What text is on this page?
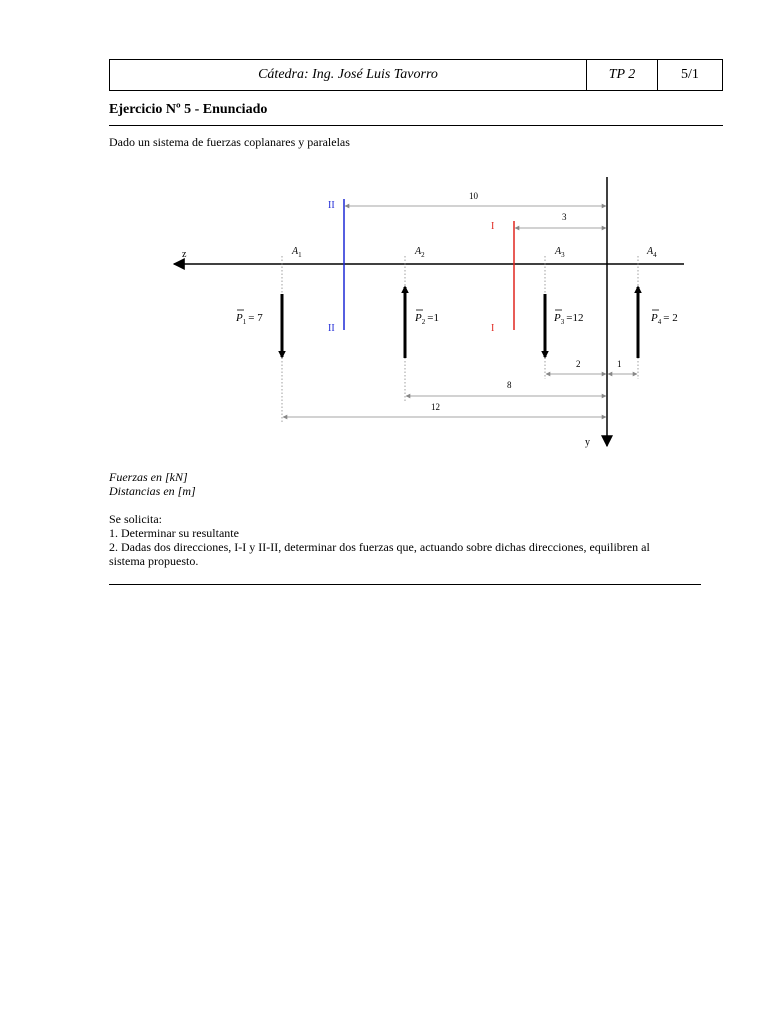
Cátedra: Ing. José Luis Tavorro	TP 2	5/1
Ejercicio Nº 5 - Enunciado
Dado un sistema de fuerzas coplanares y paralelas
z
y
II
II
I
I
$A_1$	$A_2$	$A_3$	$A_4$
$P_1 = 7$	$P_2 =1$	$P_3 =12$	$P_4 = 2$
10
3
2	1
8
12
Fuerzas en [kN]
Distancias en [m]
Se solicita:
1. Determinar su resultante
2. Dadas dos direcciones, I-I y II-II, determinar dos fuerzas que, actuando sobre dichas direcciones, equilibren al
sistema propuesto.
